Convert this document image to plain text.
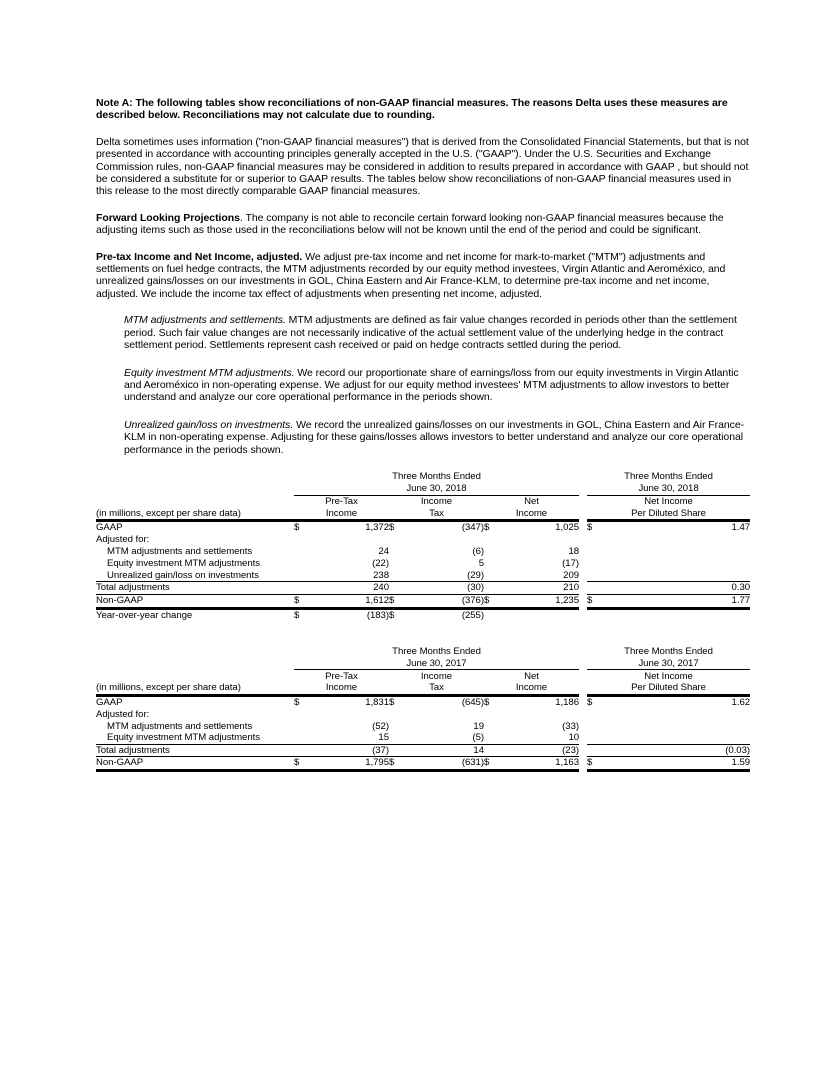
Note A: The following tables show reconciliations of non-GAAP financial measures. The reasons Delta uses these measures are described below. Reconciliations may not calculate due to rounding.

Delta sometimes uses information ("non-GAAP financial measures") that is derived from the Consolidated Financial Statements, but that is not presented in accordance with accounting principles generally accepted in the U.S. ("GAAP"). Under the U.S. Securities and Exchange Commission rules, non-GAAP financial measures may be considered in addition to results prepared in accordance with GAAP , but should not be considered a substitute for or superior to GAAP results. The tables below show reconciliations of non-GAAP financial measures used in this release to the most directly comparable GAAP financial measures.

Forward Looking Projections. The company is not able to reconcile certain forward looking non-GAAP financial measures because the adjusting items such as those used in the reconciliations below will not be known until the end of the period and could be significant.

Pre-tax Income and Net Income, adjusted. We adjust pre-tax income and net income for mark-to-market ("MTM") adjustments and settlements on fuel hedge contracts, the MTM adjustments recorded by our equity method investees, Virgin Atlantic and Aeroméxico, and unrealized gains/losses on our investments in GOL, China Eastern and Air France-KLM, to determine pre-tax income and net income, adjusted. We include the income tax effect of adjustments when presenting net income, adjusted.

MTM adjustments and settlements. MTM adjustments are defined as fair value changes recorded in periods other than the settlement period. Such fair value changes are not necessarily indicative of the actual settlement value of the underlying hedge in the contract settlement period. Settlements represent cash received or paid on hedge contracts settled during the period.

Equity investment MTM adjustments. We record our proportionate share of earnings/loss from our equity investments in Virgin Atlantic and Aeroméxico in non-operating expense. We adjust for our equity method investees' MTM adjustments to allow investors to better understand and analyze our core operational performance in the periods shown.

Unrealized gain/loss on investments. We record the unrealized gains/losses on our investments in GOL, China Eastern and Air France-KLM in non-operating expense. Adjusting for these gains/losses allows investors to better understand and analyze our core operational performance in the periods shown.

	Three Months Ended							Three Months Ended	
	June 30, 2018							June 30, 2018	
	Pre-Tax		Income		Net			Net Income	
(in millions, except per share data)	Income		Tax		Income			Per Diluted Share	
GAAP	$	1,372	$	(347)	$	1,025		$	1.47
Adjusted for:									
MTM adjustments and settlements		24		(6)		18			
Equity investment MTM adjustments		(22)		5		(17)			
Unrealized gain/loss on investments		238		(29)		209			
Total adjustments		240		(30)		210			0.30
Non-GAAP	$	1,612	$	(376)	$	1,235		$	1.77
Year-over-year change	$	(183)	$	(255)					
	Three Months Ended							Three Months Ended	
	June 30, 2017							June 30, 2017	
	Pre-Tax		Income		Net			Net Income	
(in millions, except per share data)	Income		Tax		Income			Per Diluted Share	
GAAP	$	1,831	$	(645)	$	1,186		$	1.62
Adjusted for:									
MTM adjustments and settlements		(52)		19		(33)			
Equity investment MTM adjustments		15		(5)		10			
Total adjustments		(37)		14		(23)			(0.03)
Non-GAAP	$	1,795	$	(631)	$	1,163		$	1.59
